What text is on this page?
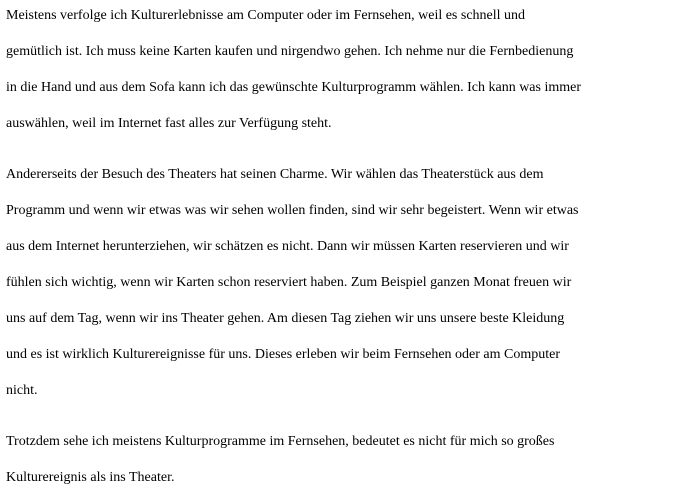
Meistens verfolge ich Kulturerlebnisse am Computer oder im Fernsehen, weil es schnell und
gemütlich ist. Ich muss keine Karten kaufen und nirgendwo gehen. Ich nehme nur die Fernbedienung
in die Hand und aus dem Sofa kann ich das gewünschte Kulturprogramm wählen. Ich kann was immer
auswählen, weil im Internet fast alles zur Verfügung steht.
Andererseits der Besuch des Theaters hat seinen Charme. Wir wählen das Theaterstück aus dem
Programm und wenn wir etwas was wir sehen wollen finden, sind wir sehr begeistert. Wenn wir etwas
aus dem Internet herunterziehen, wir schätzen es nicht. Dann wir müssen Karten reservieren und wir
fühlen sich wichtig, wenn wir Karten schon reserviert haben. Zum Beispiel ganzen Monat freuen wir
uns auf dem Tag, wenn wir ins Theater gehen. Am diesen Tag ziehen wir uns unsere beste Kleidung
und es ist wirklich Kulturereignisse für uns. Dieses erleben wir beim Fernsehen oder am Computer
nicht.
Trotzdem sehe ich meistens Kulturprogramme im Fernsehen, bedeutet es nicht für mich so großes
Kulturereignis als ins Theater.
